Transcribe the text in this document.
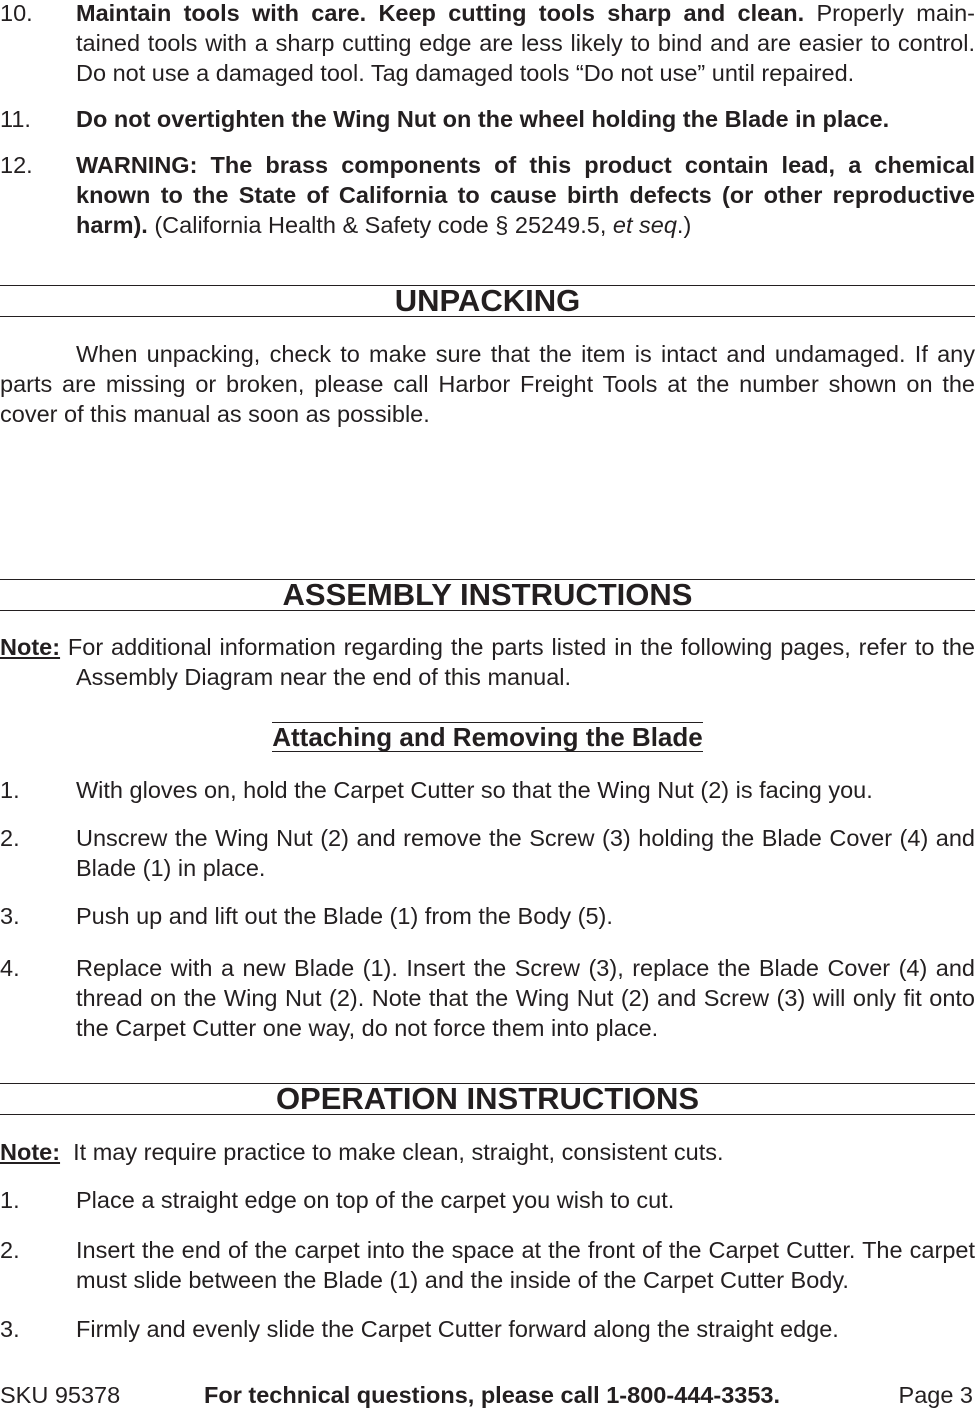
10. Maintain tools with care. Keep cutting tools sharp and clean. Properly main-tained tools with a sharp cutting edge are less likely to bind and are easier to control. Do not use a damaged tool. Tag damaged tools “Do not use” until repaired.
11. Do not overtighten the Wing Nut on the wheel holding the Blade in place.
12. WARNING: The brass components of this product contain lead, a chemical known to the State of California to cause birth defects (or other reproductive harm). (California Health & Safety code § 25249.5, et seq.)
UNPACKING
When unpacking, check to make sure that the item is intact and undamaged. If any parts are missing or broken, please call Harbor Freight Tools at the number shown on the cover of this manual as soon as possible.
ASSEMBLY INSTRUCTIONS
Note: For additional information regarding the parts listed in the following pages, refer to the Assembly Diagram near the end of this manual.
Attaching and Removing the Blade
1. With gloves on, hold the Carpet Cutter so that the Wing Nut (2) is facing you.
2. Unscrew the Wing Nut (2) and remove the Screw (3) holding the Blade Cover (4) and Blade (1) in place.
3. Push up and lift out the Blade (1) from the Body (5).
4. Replace with a new Blade (1). Insert the Screw (3), replace the Blade Cover (4) and thread on the Wing Nut (2). Note that the Wing Nut (2) and Screw (3) will only fit onto the Carpet Cutter one way, do not force them into place.
OPERATION INSTRUCTIONS
Note:  It may require practice to make clean, straight, consistent cuts.
1. Place a straight edge on top of the carpet you wish to cut.
2. Insert the end of the carpet into the space at the front of the Carpet Cutter. The carpet must slide between the Blade (1) and the inside of the Carpet Cutter Body.
3. Firmly and evenly slide the Carpet Cutter forward along the straight edge.
SKU 95378	For technical questions, please call 1-800-444-3353.	Page 3
